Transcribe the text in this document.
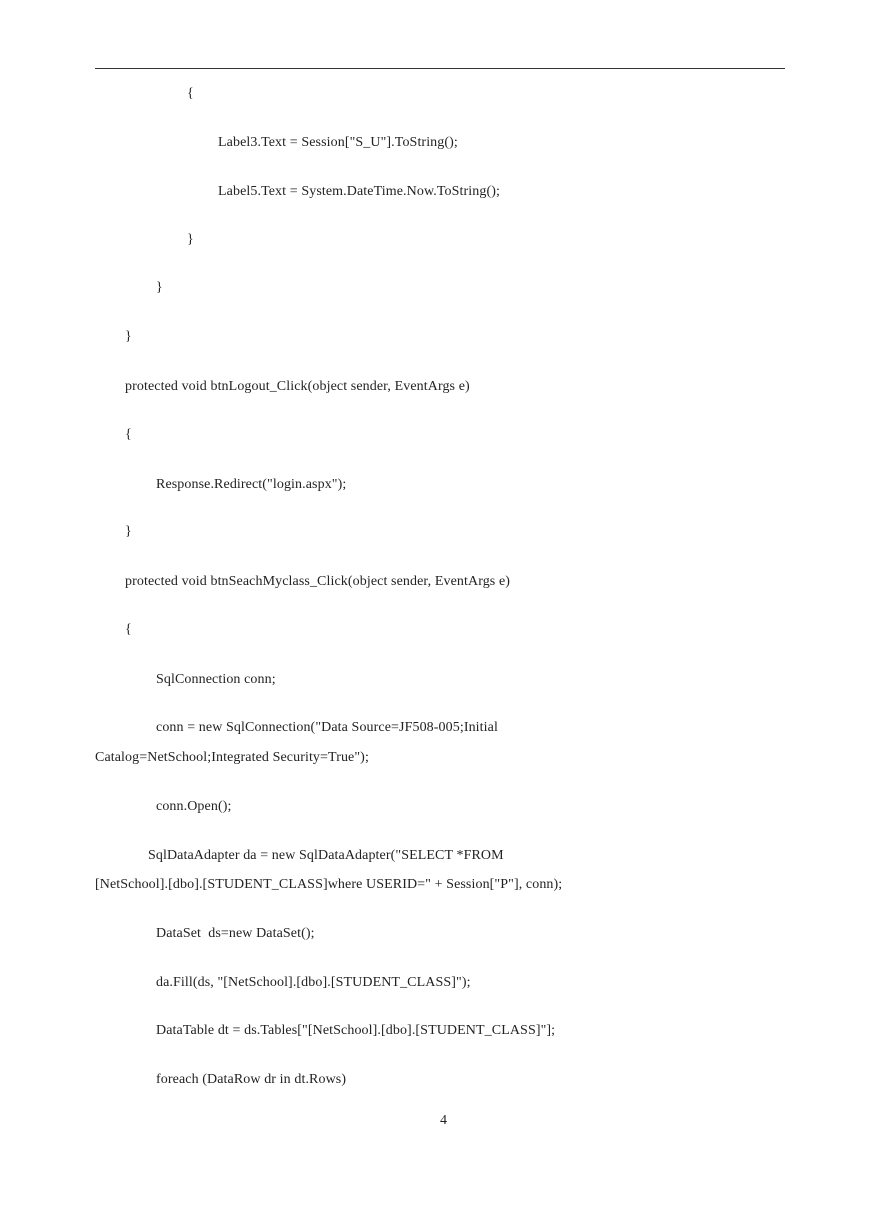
{
Label3.Text = Session["S_U"].ToString();
Label5.Text = System.DateTime.Now.ToString();
}
}
}
protected void btnLogout_Click(object sender, EventArgs e)
{
Response.Redirect("login.aspx");
}
protected void btnSeachMyclass_Click(object sender, EventArgs e)
{
SqlConnection conn;
conn = new SqlConnection("Data Source=JF508-005;Initial
Catalog=NetSchool;Integrated Security=True");
conn.Open();
SqlDataAdapter da = new SqlDataAdapter("SELECT *FROM
[NetSchool].[dbo].[STUDENT_CLASS]where USERID=" + Session["P"], conn);
DataSet  ds=new DataSet();
da.Fill(ds, "[NetSchool].[dbo].[STUDENT_CLASS]");
DataTable dt = ds.Tables["[NetSchool].[dbo].[STUDENT_CLASS]"];
foreach (DataRow dr in dt.Rows)
4
